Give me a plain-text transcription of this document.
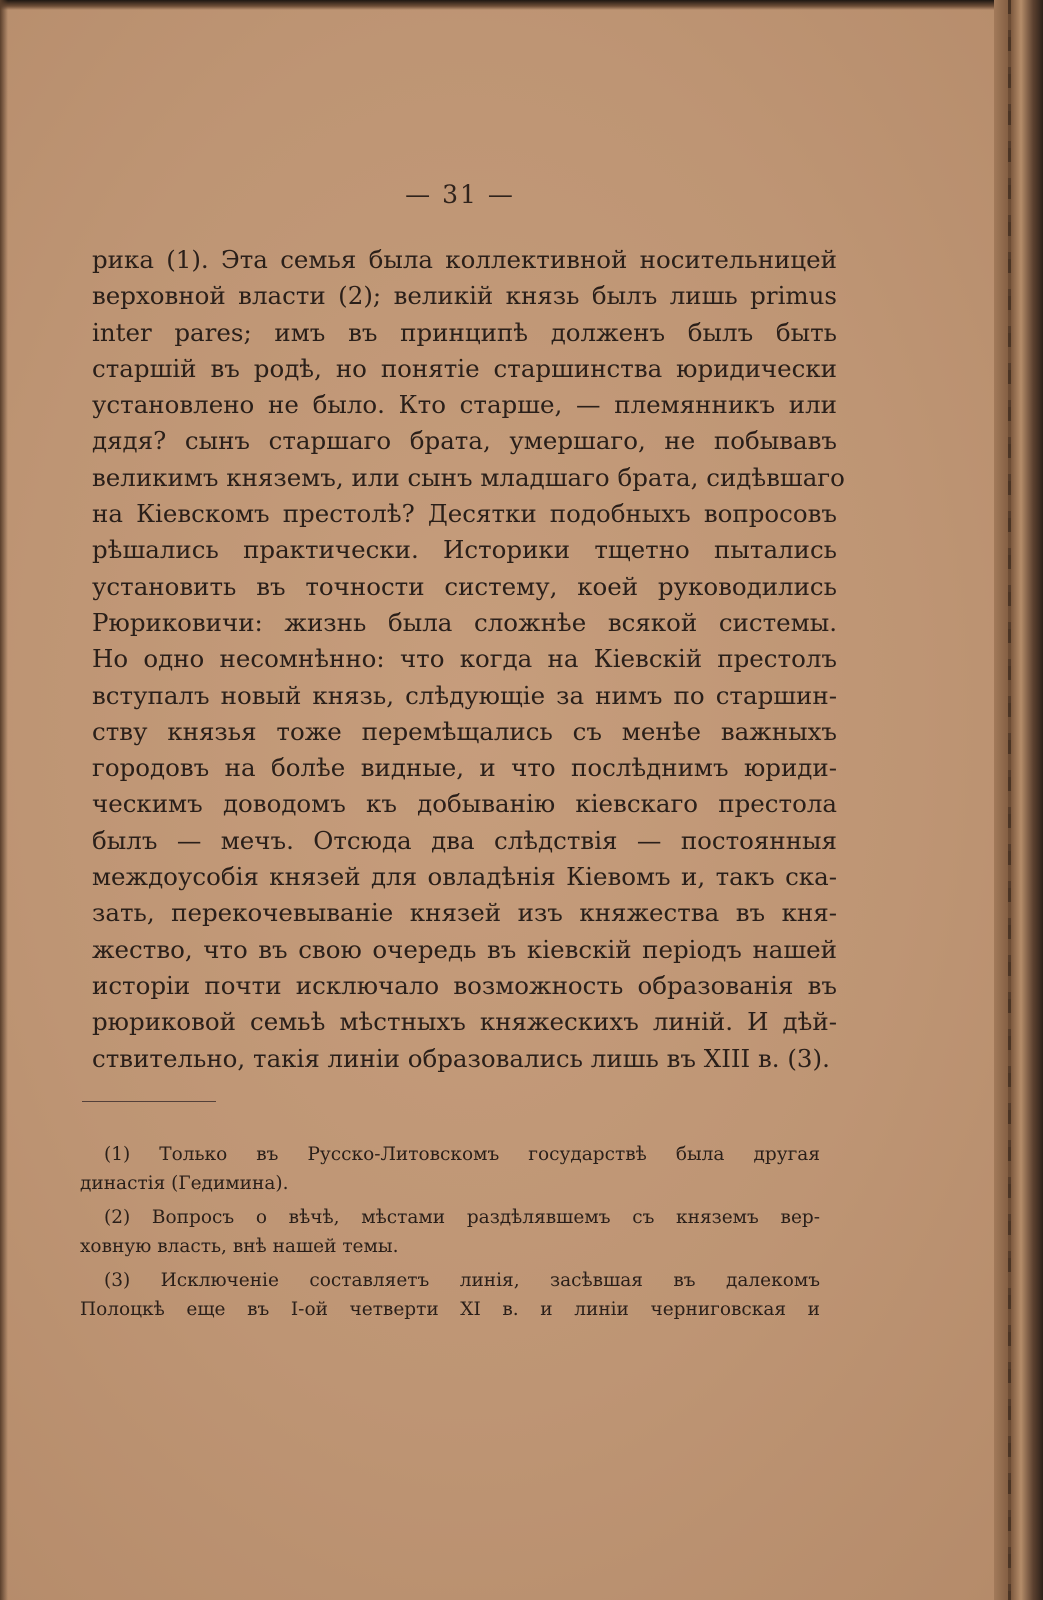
— 31 —
рика (1). Эта семья была коллективной носительницей
верховной власти (2); великій князь былъ лишь primus
inter pares; имъ въ принципѣ долженъ былъ быть
старшій въ родѣ, но понятіе старшинства юридически
установлено не было. Кто старше, — племянникъ или
дядя? сынъ старшаго брата, умершаго, не побывавъ
великимъ княземъ, или сынъ младшаго брата, сидѣвшаго
на Кіевскомъ престолѣ? Десятки подобныхъ вопросовъ
рѣшались практически. Историки тщетно пытались
установить въ точности систему, коей руководились
Рюриковичи: жизнь была сложнѣе всякой системы.
Но одно несомнѣнно: что когда на Кіевскій престолъ
вступалъ новый князь, слѣдующіе за нимъ по старшин-
ству князья тоже перемѣщались съ менѣе важныхъ
городовъ на болѣе видные, и что послѣднимъ юриди-
ческимъ доводомъ къ добыванію кіевскаго престола
былъ — мечъ. Отсюда два слѣдствія — постоянныя
междоусобія князей для овладѣнія Кіевомъ и, такъ ска-
зать, перекочевываніе князей изъ княжества въ кня-
жество, что въ свою очередь въ кіевскій періодъ нашей
исторіи почти исключало возможность образованія въ
рюриковой семьѣ мѣстныхъ княжескихъ линій. И дѣй-
ствительно, такія линіи образовались лишь въ XIII в. (3).
(1) Только въ Русско-Литовскомъ государствѣ была другая
династія (Гедимина).
(2) Вопросъ о вѣчѣ, мѣстами раздѣлявшемъ съ княземъ вер-
ховную власть, внѣ нашей темы.
(3) Исключеніе составляетъ линія, засѣвшая въ далекомъ
Полоцкѣ еще въ I-ой четверти XI в. и линіи черниговская и
